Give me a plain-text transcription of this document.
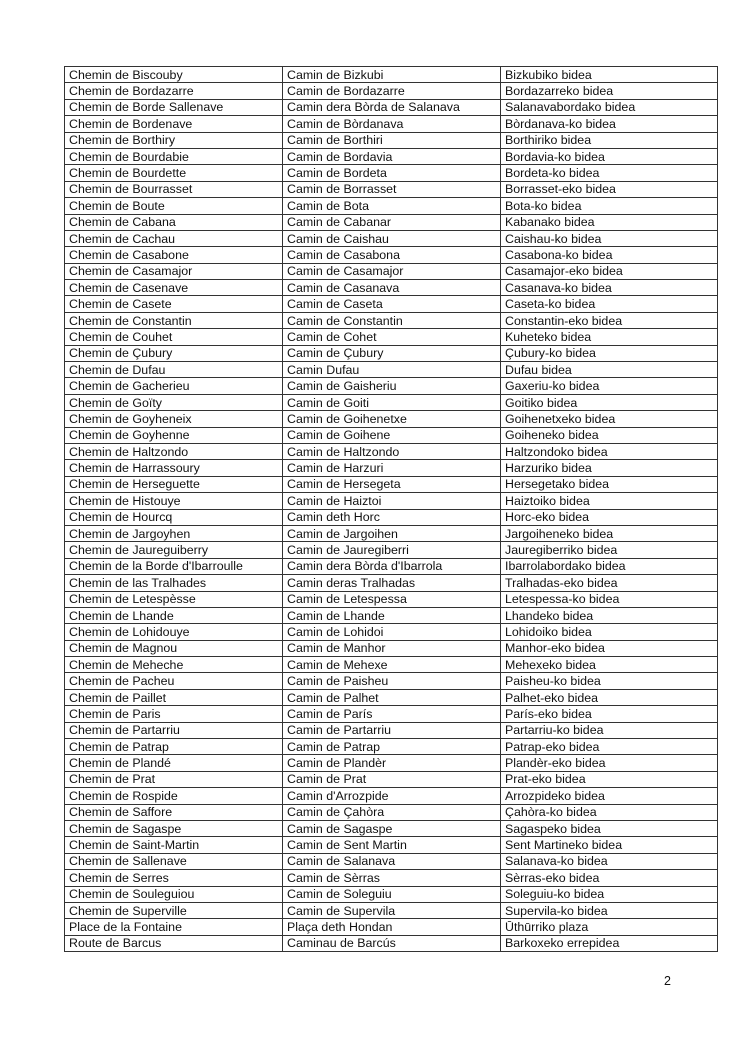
Chemin de Biscouby	Camin de Bizkubi	Bizkubiko bidea
Chemin de Bordazarre	Camin de Bordazarre	Bordazarreko bidea
Chemin de Borde Sallenave	Camin dera Bòrda de Salanava	Salanavabordako bidea
Chemin de Bordenave	Camin de Bòrdanava	Bòrdanava-ko bidea
Chemin de Borthiry	Camin de Borthiri	Borthiriko bidea
Chemin de Bourdabie	Camin de Bordavia	Bordavia-ko bidea
Chemin de Bourdette	Camin de Bordeta	Bordeta-ko bidea
Chemin de Bourrasset	Camin de Borrasset	Borrasset-eko bidea
Chemin de Boute	Camin de Bota	Bota-ko bidea
Chemin de Cabana	Camin de Cabanar	Kabanako bidea
Chemin de Cachau	Camin de Caishau	Caishau-ko bidea
Chemin de Casabone	Camin de Casabona	Casabona-ko bidea
Chemin de Casamajor	Camin de Casamajor	Casamajor-eko bidea
Chemin de Casenave	Camin de Casanava	Casanava-ko bidea
Chemin de Casete	Camin de Caseta	Caseta-ko bidea
Chemin de Constantin	Camin de Constantin	Constantin-eko bidea
Chemin de Couhet	Camin de Cohet	Kuheteko bidea
Chemin de Çubury	Camin de Çubury	Çubury-ko bidea
Chemin de Dufau	Camin Dufau	Dufau bidea
Chemin de Gacherieu	Camin de Gaisheriu	Gaxeriu-ko bidea
Chemin de Goïty	Camin de Goiti	Goitiko bidea
Chemin de Goyheneix	Camin de Goihenetxe	Goihenetxeko bidea
Chemin de Goyhenne	Camin de Goihene	Goiheneko bidea
Chemin de Haltzondo	Camin de Haltzondo	Haltzondoko bidea
Chemin de Harrassoury	Camin de Harzuri	Harzuriko bidea
Chemin de Herseguette	Camin de Hersegeta	Hersegetako bidea
Chemin de Histouye	Camin de Haiztoi	Haiztoiko bidea
Chemin de Hourcq	Camin deth Horc	Horc-eko bidea
Chemin de Jargoyhen	Camin de Jargoihen	Jargoiheneko bidea
Chemin de Jaureguiberry	Camin de Jauregiberri	Jauregiberriko bidea
Chemin de la Borde d'Ibarroulle	Camin dera Bòrda d'Ibarrola	Ibarrolabordako bidea
Chemin de las Tralhades	Camin deras Tralhadas	Tralhadas-eko bidea
Chemin de Letespèsse	Camin de Letespessa	Letespessa-ko bidea
Chemin de Lhande	Camin de Lhande	Lhandeko bidea
Chemin de Lohidouye	Camin de Lohidoi	Lohidoiko bidea
Chemin de Magnou	Camin de Manhor	Manhor-eko bidea
Chemin de Meheche	Camin de Mehexe	Mehexeko bidea
Chemin de Pacheu	Camin de Paisheu	Paisheu-ko bidea
Chemin de Paillet	Camin de Palhet	Palhet-eko bidea
Chemin de Paris	Camin de París	París-eko bidea
Chemin de Partarriu	Camin de Partarriu	Partarriu-ko bidea
Chemin de Patrap	Camin de Patrap	Patrap-eko bidea
Chemin de Plandé	Camin de Plandèr	Plandèr-eko bidea
Chemin de Prat	Camin de Prat	Prat-eko bidea
Chemin de Rospide	Camin d'Arrozpide	Arrozpideko bidea
Chemin de Saffore	Camin de Çahòra	Çahòra-ko bidea
Chemin de Sagaspe	Camin de Sagaspe	Sagaspeko bidea
Chemin de Saint-Martin	Camin de Sent Martin	Sent Martineko bidea
Chemin de Sallenave	Camin de Salanava	Salanava-ko bidea
Chemin de Serres	Camin de Sèrras	Sèrras-eko bidea
Chemin de Souleguiou	Camin de Soleguiu	Soleguiu-ko bidea
Chemin de Superville	Camin de Supervila	Supervila-ko bidea
Place de la Fontaine	Plaça deth Hondan	Ūthūrriko plaza
Route de Barcus	Caminau de Barcús	Barkoxeko errepidea
2
